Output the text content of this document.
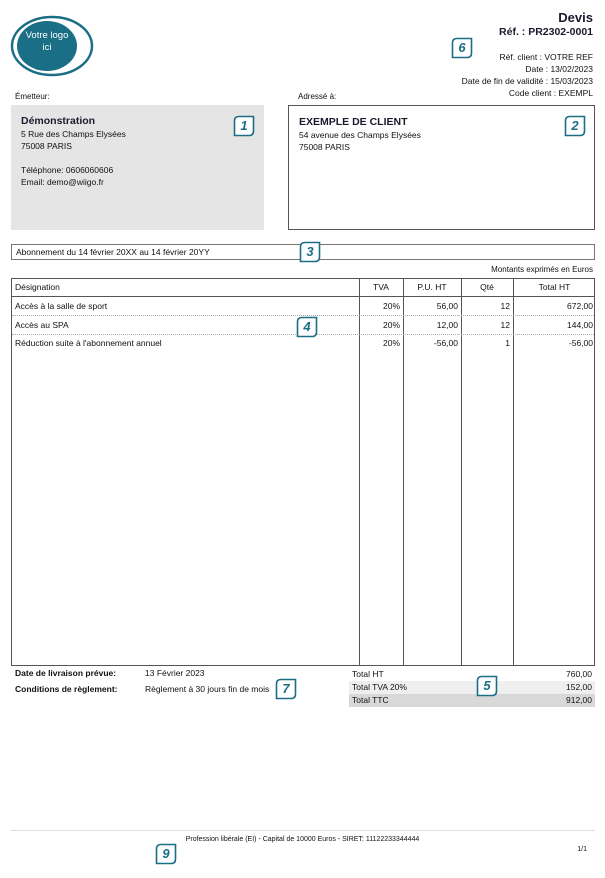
Votre logo
ici
Devis
Réf. : PR2302-0001
Réf. client : VOTRE REF
Date : 13/02/2023
Date de fin de validité : 15/03/2023
Code client : EXEMPL
Émetteur:	Adressé à:
Démonstration
5 Rue des Champs Elysées
75008 PARIS
Téléphone: 0606060606
Email: demo@wiigo.fr
EXEMPLE DE CLIENT
54 avenue des Champs Elysées
75008 PARIS
Abonnement du 14 février 20XX au 14 février 20YY
Montants exprimés en Euros
Désignation	TVA	P.U. HT	Qté	Total HT
Accès à la salle de sport	20%	56,00	12	672,00
Accès au SPA	20%	12,00	12	144,00
Réduction suite à l'abonnement annuel	20%	-56,00	1	-56,00
Date de livraison prévue:	13 Février 2023
Conditions de règlement:	Règlement à 30 jours fin de mois
Total HT	760,00
Total TVA 20%	152,00
Total TTC	912,00
Profession libérale (EI) - Capital de 10000 Euros - SIRET: 11122233344444
1/1
1	2
3
4
5
6
7
9
